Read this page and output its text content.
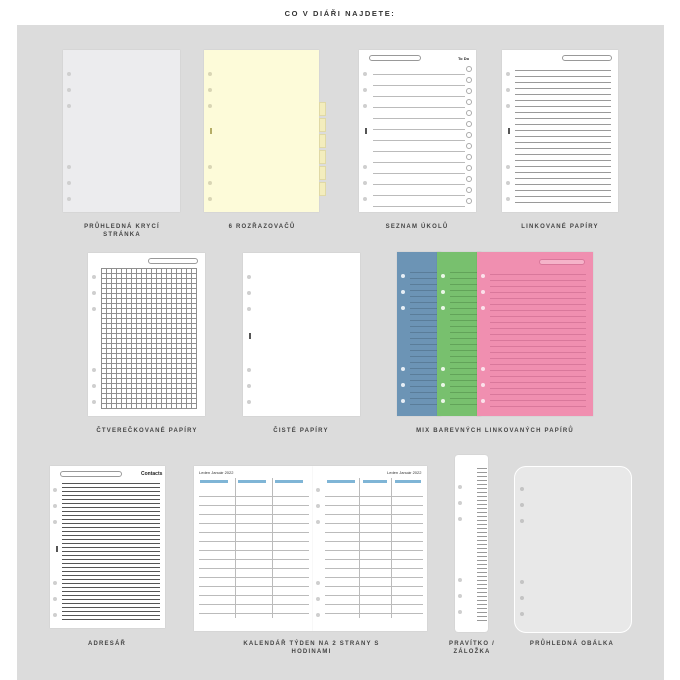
CO V DIÁŘI NAJDETE:
PRŮHLEDNÁ KRYCÍ STRÁNKA
6 ROZŘAZOVAČŮ
To Do
SEZNAM ÚKOLŮ	LINKOVANÉ PAPÍRY
ČTVEREČKOVANÉ PAPÍRY	ČISTÉ PAPÍRY	MIX BAREVNÝCH LINKOVANÝCH PAPÍRŮ
Contacts
ADRESÁŘ
Leden Január 2022	Leden Január 2022
KALENDÁŘ TÝDEN NA 2 STRANY S HODINAMI
PRAVÍTKO / ZÁLOŽKA
PRŮHLEDNÁ OBÁLKA
